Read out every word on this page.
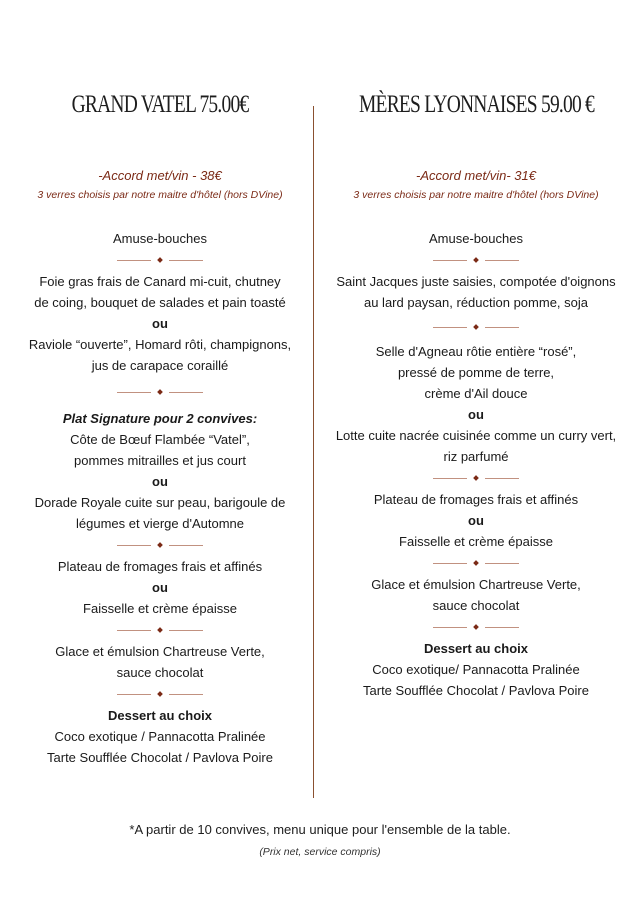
GRAND VATEL 75.00€
-Accord met/vin - 38€
3 verres choisis par notre maitre d'hôtel (hors DVine)
Amuse-bouches
Foie gras frais de Canard mi-cuit, chutney
de coing, bouquet de salades et pain toasté
ou
Raviole “ouverte”, Homard rôti, champignons,
jus de carapace coraillé
Plat Signature pour 2 convives:
Côte de Bœuf Flambée “Vatel”,
pommes mitrailles et jus court
ou
Dorade Royale cuite sur peau, barigoule de
légumes et vierge d'Automne
Plateau de fromages frais et affinés
ou
Faisselle et crème épaisse
Glace et émulsion Chartreuse Verte,
sauce chocolat
Dessert au choix
Coco exotique / Pannacotta Pralinée
Tarte Soufflée Chocolat / Pavlova Poire
MÈRES LYONNAISES 59.00 €
-Accord met/vin- 31€
3 verres choisis par notre maitre d'hôtel (hors DVine)
Amuse-bouches
Saint Jacques juste saisies, compotée d'oignons
au lard paysan, réduction pomme, soja
Selle d'Agneau rôtie entière “rosé”,
pressé de pomme de terre,
crème d'Ail douce
ou
Lotte cuite nacrée cuisinée comme un curry vert,
riz parfumé
Plateau de fromages frais et affinés
ou
Faisselle et crème épaisse
Glace et émulsion Chartreuse Verte,
sauce chocolat
Dessert au choix
Coco exotique/ Pannacotta Pralinée
Tarte Soufflée Chocolat / Pavlova Poire
*A partir de 10 convives, menu unique pour l'ensemble de la table.
(Prix net, service compris)
